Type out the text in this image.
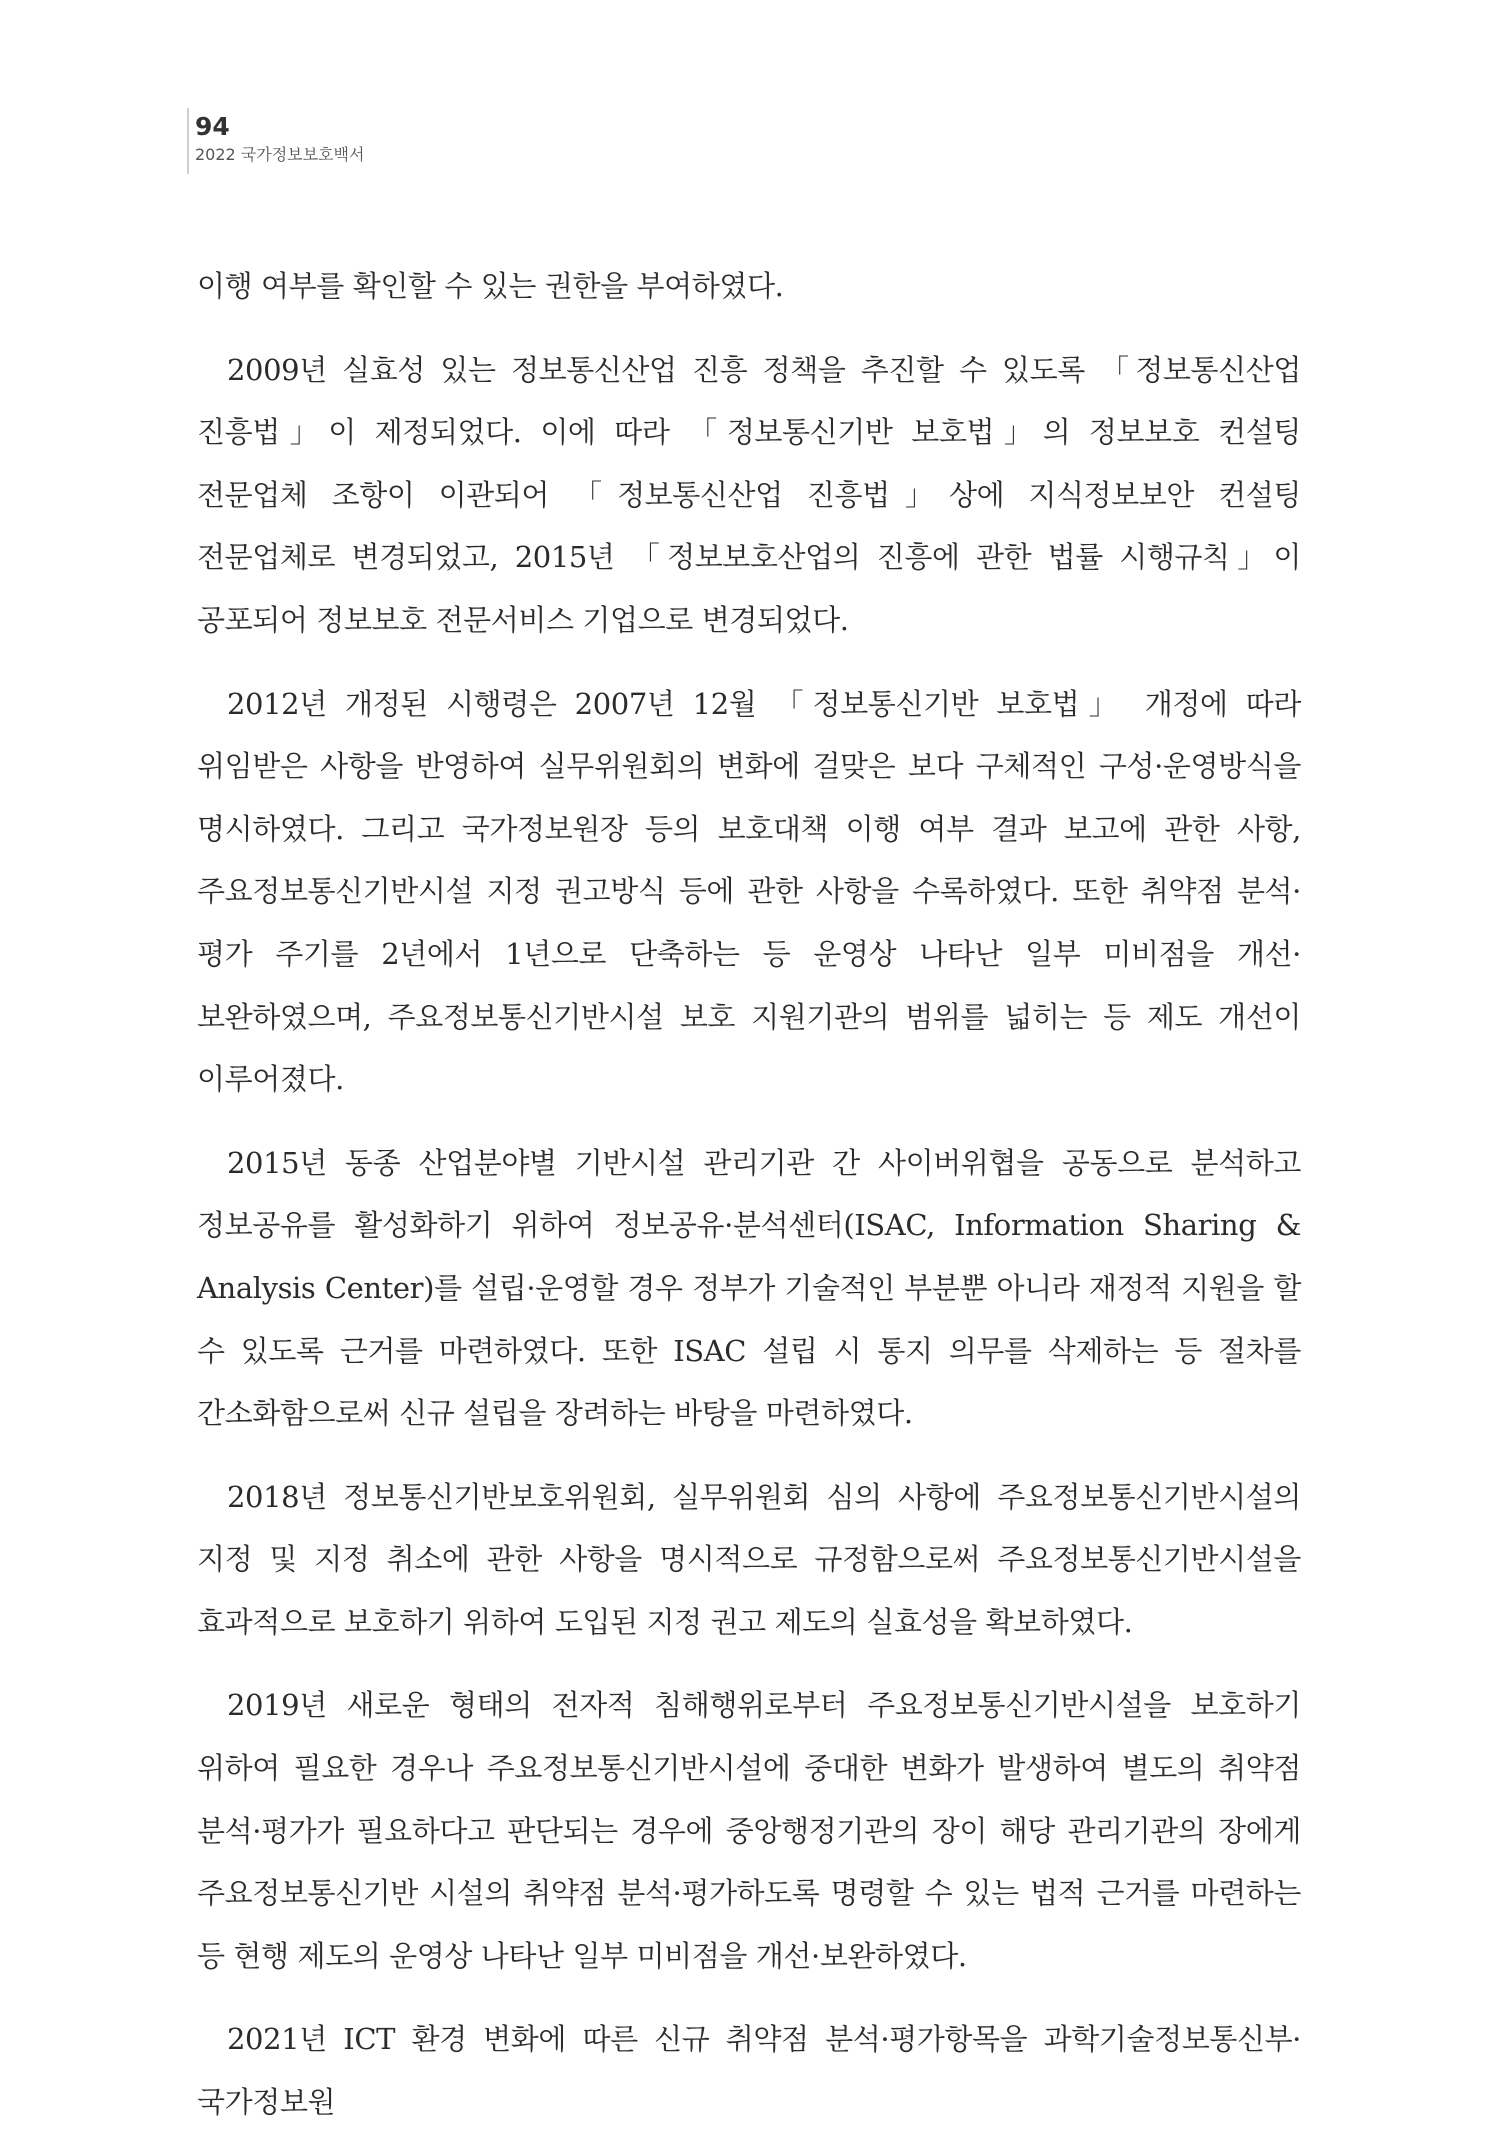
94
2022 국가정보보호백서

이행 여부를 확인할 수 있는 권한을 부여하였다.

2009년 실효성 있는 정보통신산업 진흥 정책을 추진할 수 있도록 「정보통신산업 진흥법」이 제정되었다. 이에 따라 「정보통신기반 보호법」의 정보보호 컨설팅 전문업체 조항이 이관되어 「정보통신산업 진흥법」상에 지식정보보안 컨설팅 전문업체로 변경되었고, 2015년 「정보보호산업의 진흥에 관한 법률 시행규칙」이 공포되어 정보보호 전문서비스 기업으로 변경되었다.

2012년 개정된 시행령은 2007년 12월 「정보통신기반 보호법」 개정에 따라 위임받은 사항을 반영하여 실무위원회의 변화에 걸맞은 보다 구체적인 구성·운영방식을 명시하였다. 그리고 국가정보원장 등의 보호대책 이행 여부 결과 보고에 관한 사항, 주요정보통신기반시설 지정 권고방식 등에 관한 사항을 수록하였다. 또한 취약점 분석·평가 주기를 2년에서 1년으로 단축하는 등 운영상 나타난 일부 미비점을 개선·보완하였으며, 주요정보통신기반시설 보호 지원기관의 범위를 넓히는 등 제도 개선이 이루어졌다.

2015년 동종 산업분야별 기반시설 관리기관 간 사이버위협을 공동으로 분석하고 정보공유를 활성화하기 위하여 정보공유·분석센터(ISAC, Information Sharing & Analysis Center)를 설립·운영할 경우 정부가 기술적인 부분뿐 아니라 재정적 지원을 할 수 있도록 근거를 마련하였다. 또한 ISAC 설립 시 통지 의무를 삭제하는 등 절차를 간소화함으로써 신규 설립을 장려하는 바탕을 마련하였다.

2018년 정보통신기반보호위원회, 실무위원회 심의 사항에 주요정보통신기반시설의 지정 및 지정 취소에 관한 사항을 명시적으로 규정함으로써 주요정보통신기반시설을 효과적으로 보호하기 위하여 도입된 지정 권고 제도의 실효성을 확보하였다.

2019년 새로운 형태의 전자적 침해행위로부터 주요정보통신기반시설을 보호하기 위하여 필요한 경우나 주요정보통신기반시설에 중대한 변화가 발생하여 별도의 취약점 분석·평가가 필요하다고 판단되는 경우에 중앙행정기관의 장이 해당 관리기관의 장에게 주요정보통신기반 시설의 취약점 분석·평가하도록 명령할 수 있는 법적 근거를 마련하는 등 현행 제도의 운영상 나타난 일부 미비점을 개선·보완하였다.

2021년 ICT 환경 변화에 따른 신규 취약점 분석·평가항목을 과학기술정보통신부·국가정보원
